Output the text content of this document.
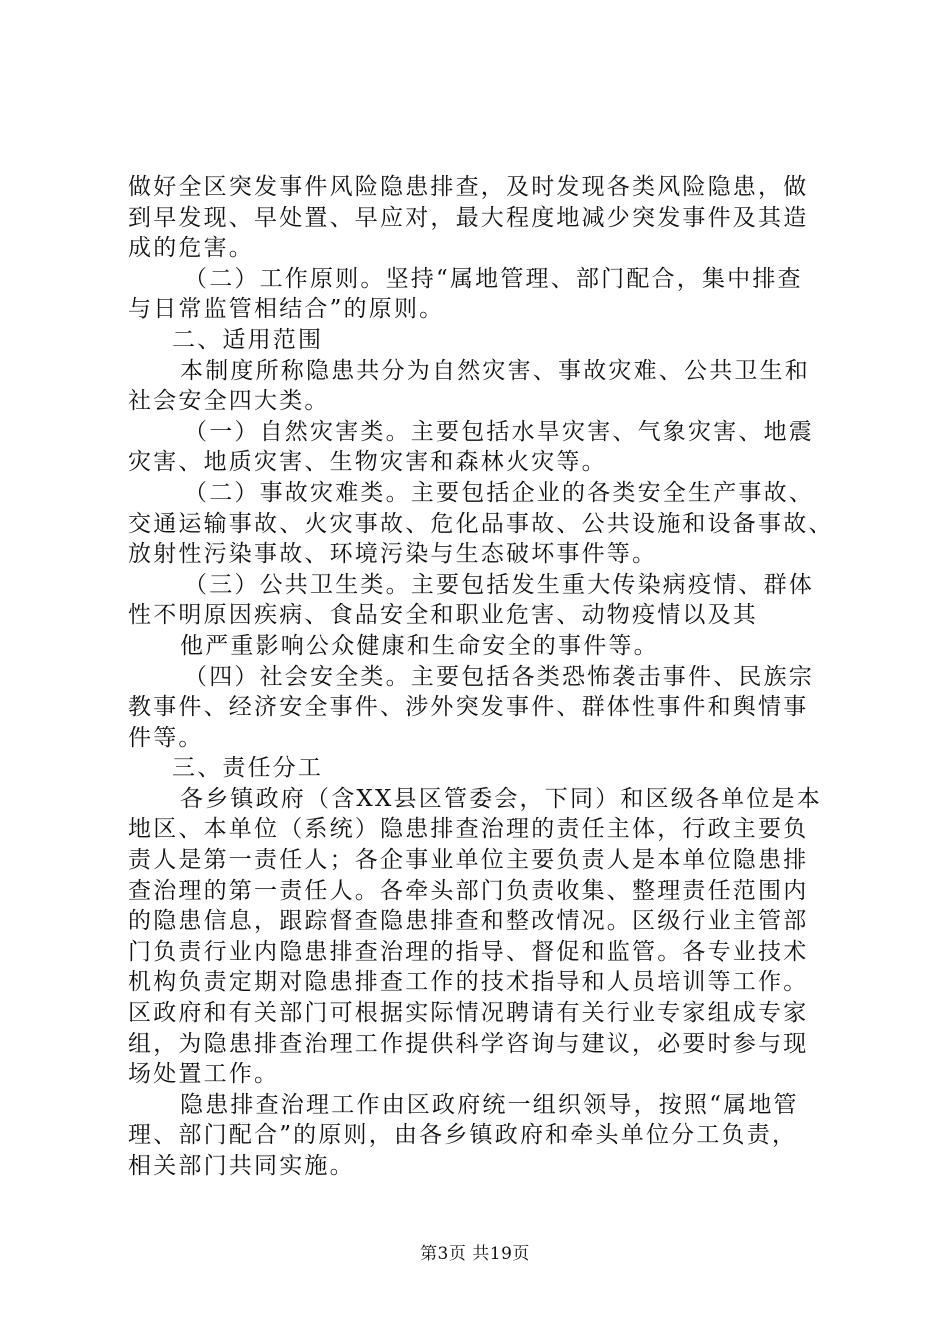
做好全区突发事件风险隐患排查，及时发现各类风险隐患，做
到早发现、早处置、早应对，最大程度地减少突发事件及其造
成的危害。
（二）工作原则。坚持“属地管理、部门配合，集中排查
与日常监管相结合”的原则。
二、适用范围
本制度所称隐患共分为自然灾害、事故灾难、公共卫生和
社会安全四大类。
（一）自然灾害类。主要包括水旱灾害、气象灾害、地震
灾害、地质灾害、生物灾害和森林火灾等。
（二）事故灾难类。主要包括企业的各类安全生产事故、
交通运输事故、火灾事故、危化品事故、公共设施和设备事故、
放射性污染事故、环境污染与生态破坏事件等。
（三）公共卫生类。主要包括发生重大传染病疫情、群体
性不明原因疾病、食品安全和职业危害、动物疫情以及其
他严重影响公众健康和生命安全的事件等。
（四）社会安全类。主要包括各类恐怖袭击事件、民族宗
教事件、经济安全事件、涉外突发事件、群体性事件和舆情事
件等。
三、责任分工
各乡镇政府（含XX县区管委会，下同）和区级各单位是本
地区、本单位（系统）隐患排查治理的责任主体，行政主要负
责人是第一责任人；各企事业单位主要负责人是本单位隐患排
查治理的第一责任人。各牵头部门负责收集、整理责任范围内
的隐患信息，跟踪督查隐患排查和整改情况。区级行业主管部
门负责行业内隐患排查治理的指导、督促和监管。各专业技术
机构负责定期对隐患排查工作的技术指导和人员培训等工作。
区政府和有关部门可根据实际情况聘请有关行业专家组成专家
组，为隐患排查治理工作提供科学咨询与建议，必要时参与现
场处置工作。
隐患排查治理工作由区政府统一组织领导，按照“属地管
理、部门配合”的原则，由各乡镇政府和牵头单位分工负责，
相关部门共同实施。
第3页 共19页
